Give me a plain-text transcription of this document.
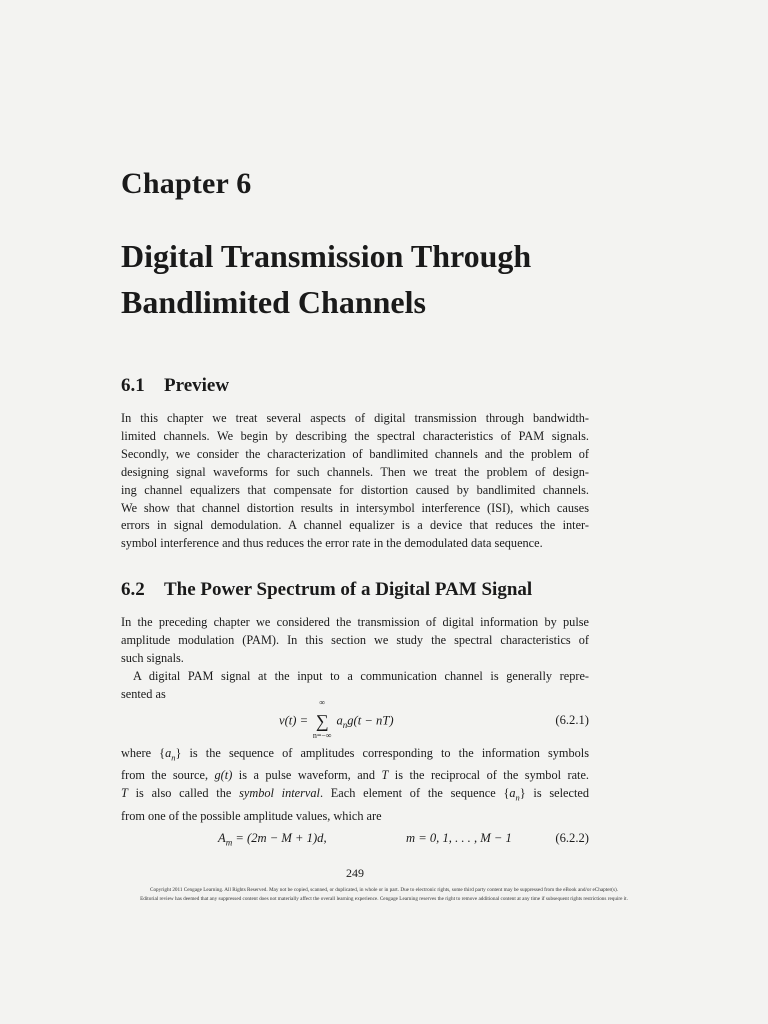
Chapter 6
Digital Transmission Through
Bandlimited Channels
6.1 Preview
In this chapter we treat several aspects of digital transmission through bandwidth-
limited channels. We begin by describing the spectral characteristics of PAM signals.
Secondly, we consider the characterization of bandlimited channels and the problem of
designing signal waveforms for such channels. Then we treat the problem of design-
ing channel equalizers that compensate for distortion caused by bandlimited channels.
We show that channel distortion results in intersymbol interference (ISI), which causes
errors in signal demodulation. A channel equalizer is a device that reduces the inter-
symbol interference and thus reduces the error rate in the demodulated data sequence.
6.2 The Power Spectrum of a Digital PAM Signal
In the preceding chapter we considered the transmission of digital information by pulse
amplitude modulation (PAM). In this section we study the spectral characteristics of
such signals.
A digital PAM signal at the input to a communication channel is generally repre-
sented as
v(t) =
∞
∑
n=−∞
$a_ng(t - nT)$	(6.2.1)
where $\{a_n\}$ is the sequence of amplitudes corresponding to the information symbols
from the source, g(t) is a pulse waveform, and T is the reciprocal of the symbol rate.
T is also called the symbol interval. Each element of the sequence $\{a_n\}$ is selected
from one of the possible amplitude values, which are
$A_m = (2m - M + 1)d$,	m = 0, 1, . . . , M − 1	(6.2.2)
249
Copyright 2011 Cengage Learning. All Rights Reserved. May not be copied, scanned, or duplicated, in whole or in part. Due to electronic rights, some third party content may be suppressed from the eBook and/or eChapter(s).
Editorial review has deemed that any suppressed content does not materially affect the overall learning experience. Cengage Learning reserves the right to remove additional content at any time if subsequent rights restrictions require it.
